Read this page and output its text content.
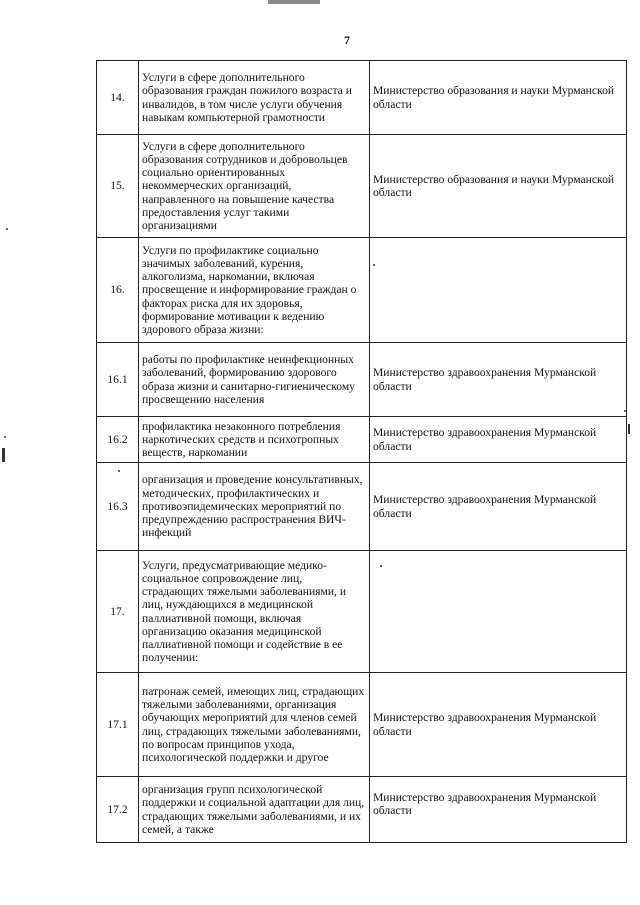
7
14.	Услуги в сфере дополнительного образования граждан пожилого возраста и инвалидов, в том числе услуги обучения навыкам компьютерной грамотности	Министерство образования и науки Мурманской области
15.	Услуги в сфере дополнительного образования сотрудников и добровольцев социально ориентированных некоммерческих организаций, направленного на повышение качества предоставления услуг такими организациями	Министерство образования и науки Мурманской области
16.	Услуги по профилактике социально значимых заболеваний, курения, алкоголизма, наркомании, включая просвещение и информирование граждан о факторах риска для их здоровья, формирование мотивации к ведению здорового образа жизни:	
16.1	работы по профилактике неинфекционных заболеваний, формированию здорового образа жизни и санитарно-гигиеническому просвещению населения	Министерство здравоохранения Мурманской области
16.2	профилактика незаконного потребления наркотических средств и психотропных веществ, наркомании	Министерство здравоохранения Мурманской области
16.3	организация и проведение консультативных, методических, профилактических и противоэпидемических мероприятий по предупреждению распространения ВИЧ-инфекций	Министерство здравоохранения Мурманской области
17.	Услуги, предусматривающие медико-социальное сопровождение лиц, страдающих тяжелыми заболеваниями, и лиц, нуждающихся в медицинской паллиативной помощи, включая организацию оказания медицинской паллиативной помощи и содействие в ее получении:	
17.1	патронаж семей, имеющих лиц, страдающих тяжелыми заболеваниями, организация обучающих мероприятий для членов семей лиц, страдающих тяжелыми заболеваниями, по вопросам принципов ухода, психологической поддержки и другое	Министерство здравоохранения Мурманской области
17.2	организация групп психологической поддержки и социальной адаптации для лиц, страдающих тяжелыми заболеваниями, и их семей, а также	Министерство здравоохранения Мурманской области
